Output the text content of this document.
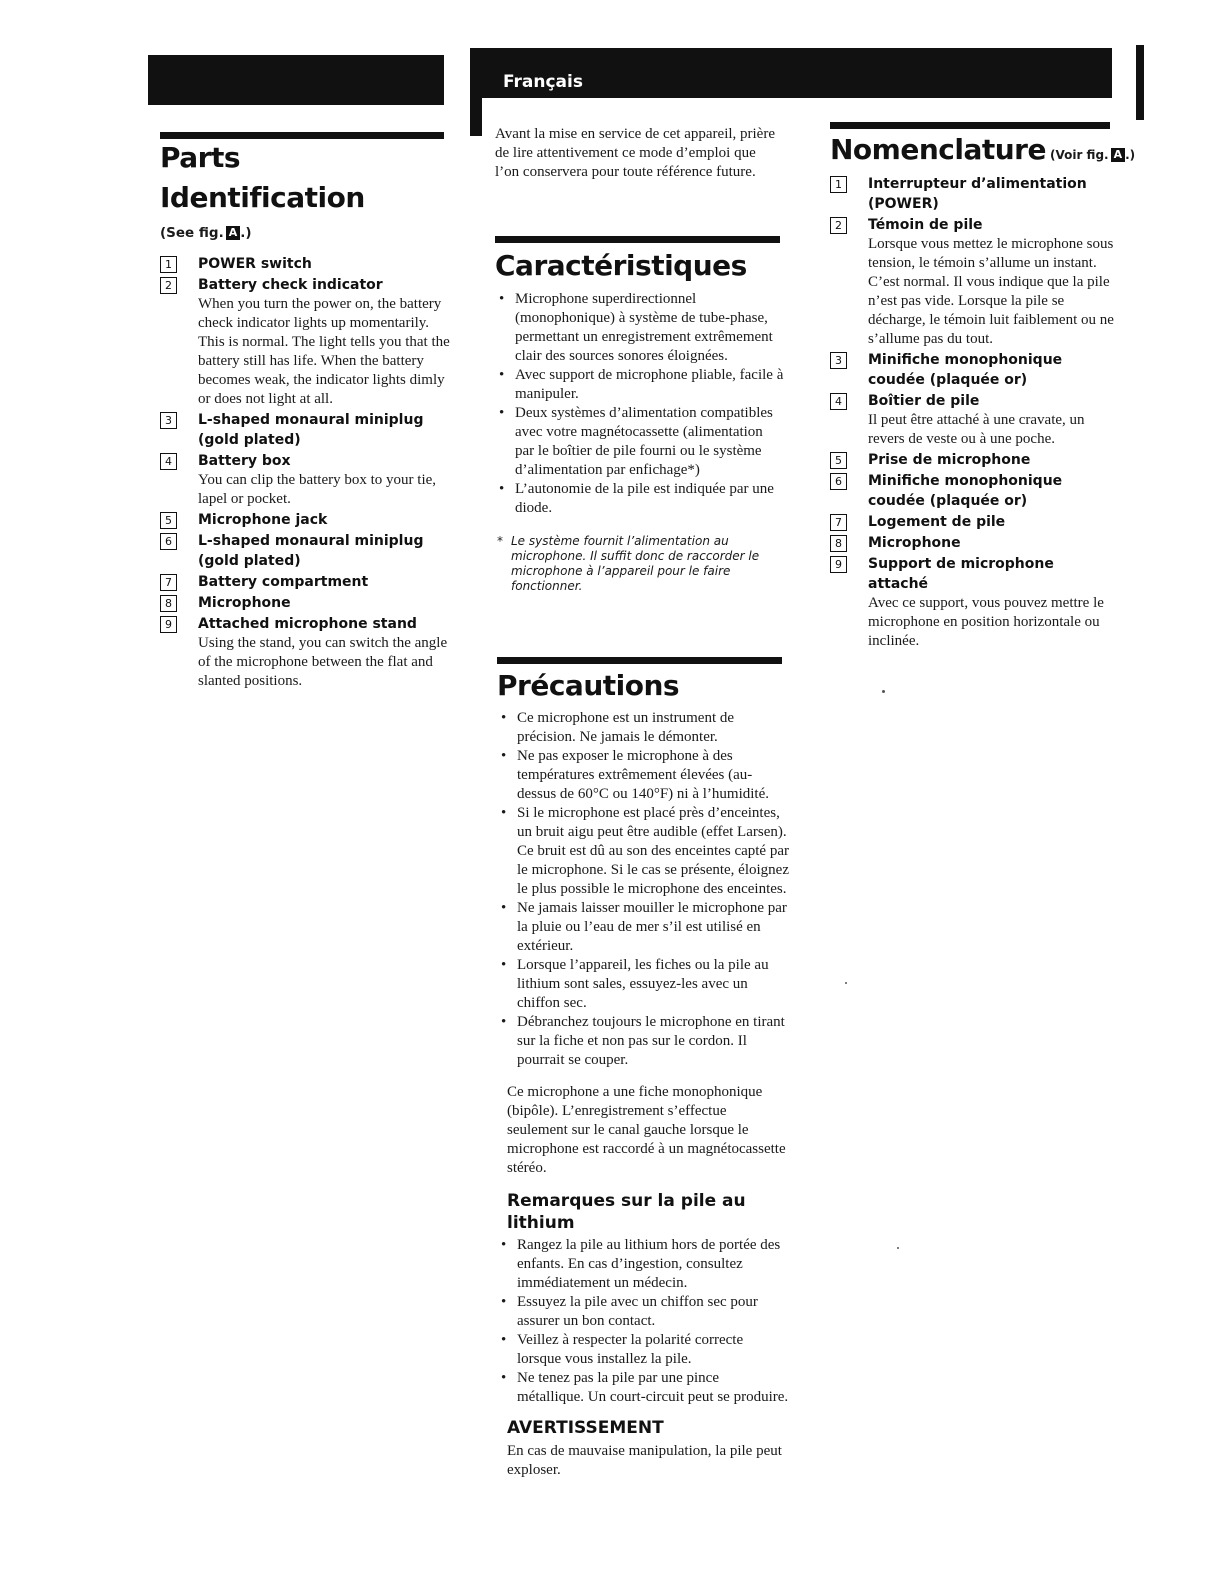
Français
Parts Identification
(See fig. A .)
1	POWER switch
2	Battery check indicator
When you turn the power on, the battery check indicator lights up momentarily. This is normal. The light tells you that the battery still has life. When the battery becomes weak, the indicator lights dimly or does not light at all.
3	L-shaped monaural miniplug (gold plated)
4	Battery box
You can clip the battery box to your tie, lapel or pocket.
5	Microphone jack
6	L-shaped monaural miniplug (gold plated)
7	Battery compartment
8	Microphone
9	Attached microphone stand
Using the stand, you can switch the angle of the microphone between the flat and slanted positions.
Avant la mise en service de cet appareil, prière de lire attentivement ce mode d’emploi que l’on conservera pour toute référence future.
Caractéristiques
• Microphone superdirectionnel (monophonique) à système de tube-phase, permettant un enregistrement extrêmement clair des sources sonores éloignées.
• Avec support de microphone pliable, facile à manipuler.
• Deux systèmes d’alimentation compatibles avec votre magnétocassette (alimentation par le boîtier de pile fourni ou le système d’alimentation par enfichage*)
• L’autonomie de la pile est indiquée par une diode.
* Le système fournit l’alimentation au microphone. Il suffit donc de raccorder le microphone à l’appareil pour le faire fonctionner.
Précautions
• Ce microphone est un instrument de précision. Ne jamais le démonter.
• Ne pas exposer le microphone à des températures extrêmement élevées (au-dessus de 60°C ou 140°F) ni à l’humidité.
• Si le microphone est placé près d’enceintes, un bruit aigu peut être audible (effet Larsen). Ce bruit est dû au son des enceintes capté par le microphone. Si le cas se présente, éloignez le plus possible le microphone des enceintes.
• Ne jamais laisser mouiller le microphone par la pluie ou l’eau de mer s’il est utilisé en extérieur.
• Lorsque l’appareil, les fiches ou la pile au lithium sont sales, essuyez-les avec un chiffon sec.
• Débranchez toujours le microphone en tirant sur la fiche et non pas sur le cordon. Il pourrait se couper.
Ce microphone a une fiche monophonique (bipôle). L’enregistrement s’effectue seulement sur le canal gauche lorsque le microphone est raccordé à un magnétocassette stéréo.
Remarques sur la pile au lithium
• Rangez la pile au lithium hors de portée des enfants. En cas d’ingestion, consultez immédiatement un médecin.
• Essuyez la pile avec un chiffon sec pour assurer un bon contact.
• Veillez à respecter la polarité correcte lorsque vous installez la pile.
• Ne tenez pas la pile par une pince métallique. Un court-circuit peut se produire.
AVERTISSEMENT
En cas de mauvaise manipulation, la pile peut exploser.
Nomenclature (Voir fig. A .)
1	Interrupteur d’alimentation (POWER)
2	Témoin de pile
Lorsque vous mettez le microphone sous tension, le témoin s’allume un instant. C’est normal. Il vous indique que la pile n’est pas vide. Lorsque la pile se décharge, le témoin luit faiblement ou ne s’allume pas du tout.
3	Minifiche monophonique coudée (plaquée or)
4	Boîtier de pile
Il peut être attaché à une cravate, un revers de veste ou à une poche.
5	Prise de microphone
6	Minifiche monophonique coudée (plaquée or)
7	Logement de pile
8	Microphone
9	Support de microphone attaché
Avec ce support, vous pouvez mettre le microphone en position horizontale ou inclinée.
